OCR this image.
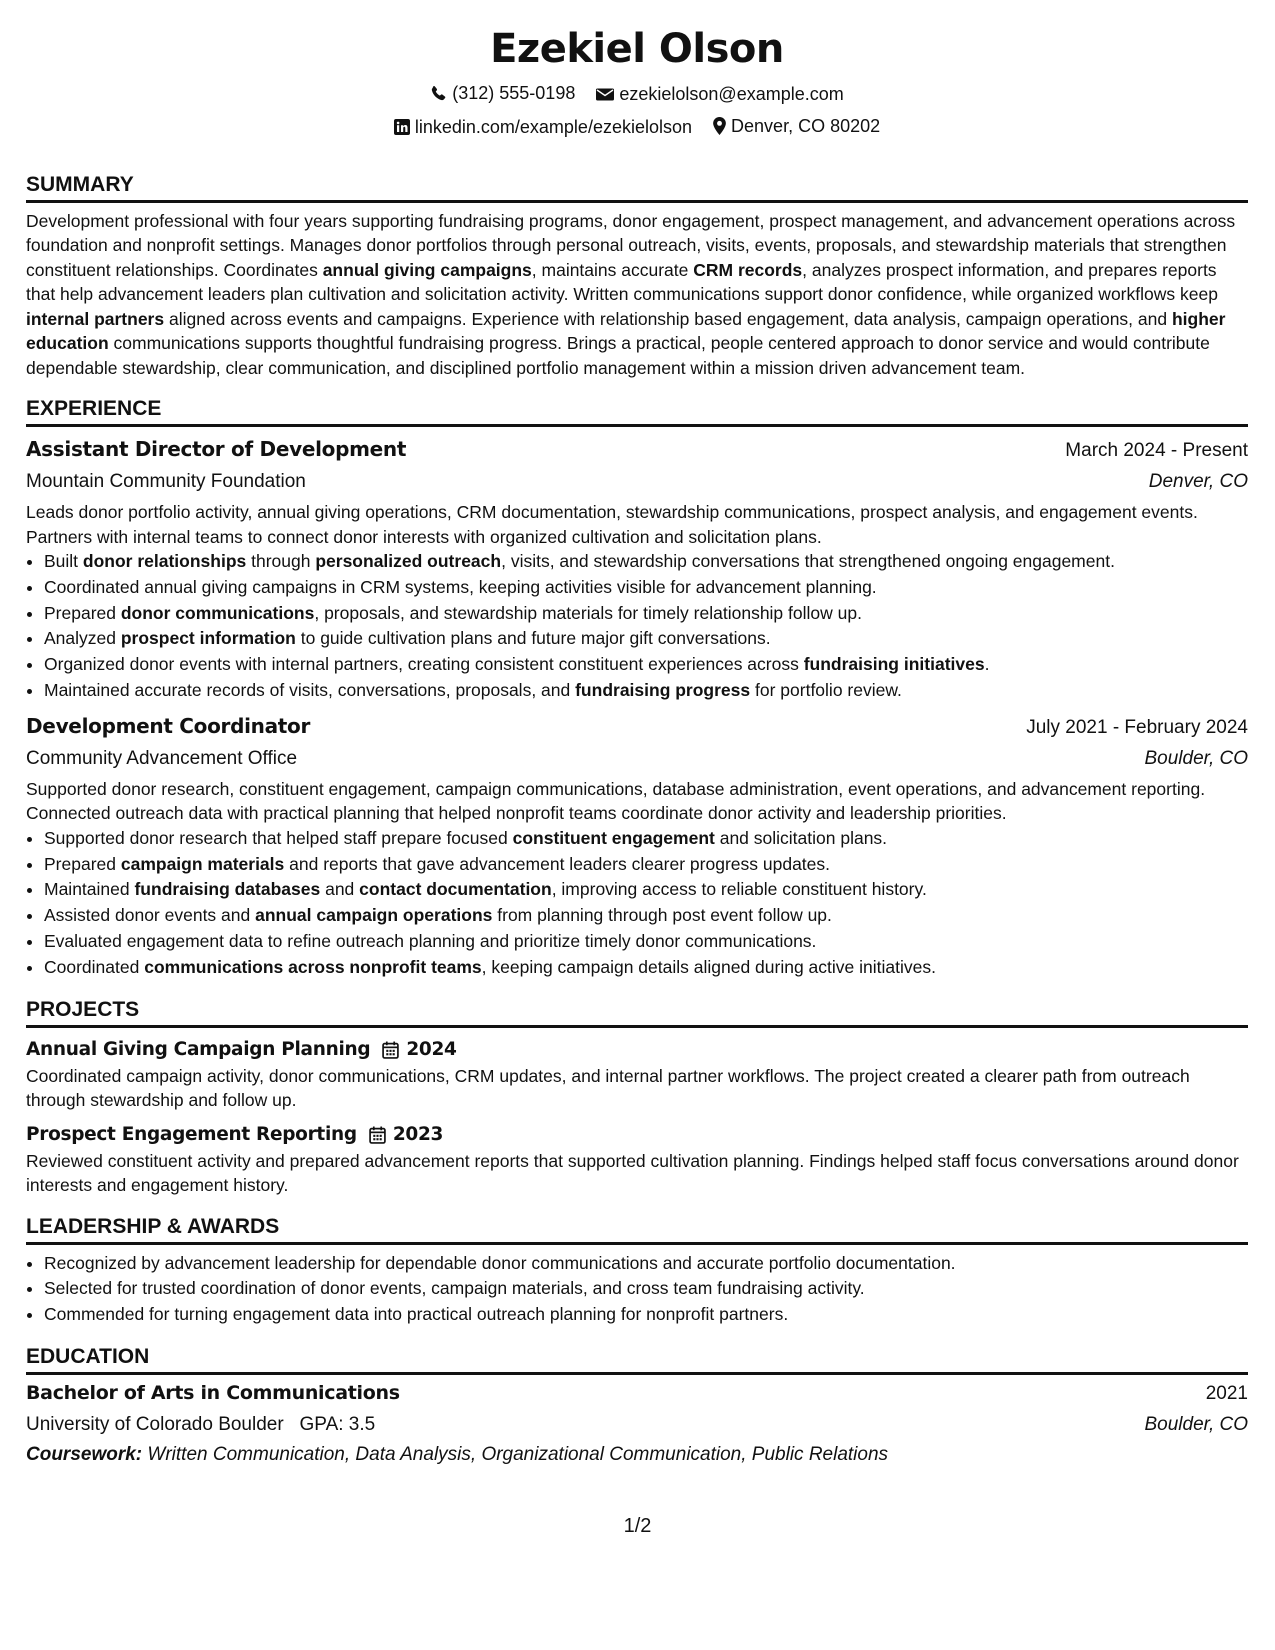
Ezekiel Olson
(312) 555-0198
ezekielolson@example.com
linkedin.com/example/ezekielolson
Denver, CO 80202
SUMMARY

Development professional with four years supporting fundraising programs, donor engagement, prospect management, and advancement operations across foundation and nonprofit settings. Manages donor portfolios through personal outreach, visits, events, proposals, and stewardship materials that strengthen constituent relationships. Coordinates annual giving campaigns, maintains accurate CRM records, analyzes prospect information, and prepares reports that help advancement leaders plan cultivation and solicitation activity. Written communications support donor confidence, while organized workflows keep internal partners aligned across events and campaigns. Experience with relationship based engagement, data analysis, campaign operations, and higher education communications supports thoughtful fundraising progress. Brings a practical, people centered approach to donor service and would contribute dependable stewardship, clear communication, and disciplined portfolio management within a mission driven advancement team.

EXPERIENCE
Assistant Director of Development	March 2024 - Present
Mountain Community Foundation	Denver, CO

Leads donor portfolio activity, annual giving operations, CRM documentation, stewardship communications, prospect analysis, and engagement events. Partners with internal teams to connect donor interests with organized cultivation and solicitation plans.

• Built donor relationships through personalized outreach, visits, and stewardship conversations that strengthened ongoing engagement.
• Coordinated annual giving campaigns in CRM systems, keeping activities visible for advancement planning.
• Prepared donor communications, proposals, and stewardship materials for timely relationship follow up.
• Analyzed prospect information to guide cultivation plans and future major gift conversations.
• Organized donor events with internal partners, creating consistent constituent experiences across fundraising initiatives.
• Maintained accurate records of visits, conversations, proposals, and fundraising progress for portfolio review.
Development Coordinator	July 2021 - February 2024
Community Advancement Office	Boulder, CO

Supported donor research, constituent engagement, campaign communications, database administration, event operations, and advancement reporting. Connected outreach data with practical planning that helped nonprofit teams coordinate donor activity and leadership priorities.

• Supported donor research that helped staff prepare focused constituent engagement and solicitation plans.
• Prepared campaign materials and reports that gave advancement leaders clearer progress updates.
• Maintained fundraising databases and contact documentation, improving access to reliable constituent history.
• Assisted donor events and annual campaign operations from planning through post event follow up.
• Evaluated engagement data to refine outreach planning and prioritize timely donor communications.
• Coordinated communications across nonprofit teams, keeping campaign details aligned during active initiatives.
PROJECTS
Annual Giving Campaign Planning 2024

Coordinated campaign activity, donor communications, CRM updates, and internal partner workflows. The project created a clearer path from outreach through stewardship and follow up.

Prospect Engagement Reporting 2023

Reviewed constituent activity and prepared advancement reports that supported cultivation planning. Findings helped staff focus conversations around donor interests and engagement history.

LEADERSHIP & AWARDS
• Recognized by advancement leadership for dependable donor communications and accurate portfolio documentation.
• Selected for trusted coordination of donor events, campaign materials, and cross team fundraising activity.
• Commended for turning engagement data into practical outreach planning for nonprofit partners.
EDUCATION
Bachelor of Arts in Communications	2021
University of Colorado Boulder GPA: 3.5	Boulder, CO
Coursework: Written Communication, Data Analysis, Organizational Communication, Public Relations
1/2
